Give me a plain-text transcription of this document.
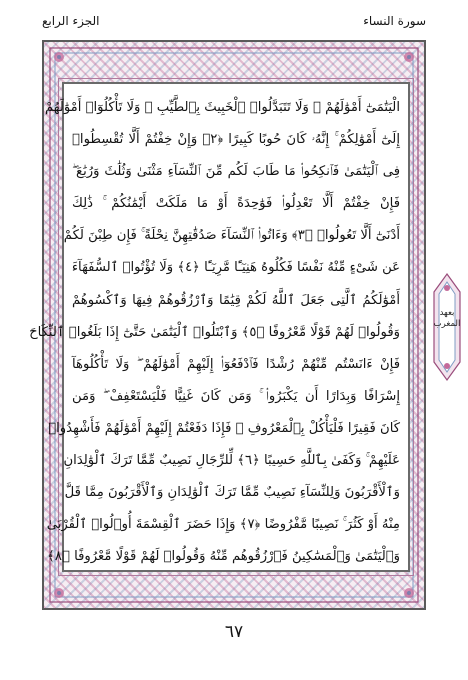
سورة النساء
الجزء الرابع
الْيَتَٰمَىٰٓ أَمْوَٰلَهُمْ ۖ وَلَا تَتَبَدَّلُوا۟ ٱلْخَبِيثَ بِٱلطَّيِّبِ ۖ وَلَا تَأْكُلُوٓا۟ أَمْوَٰلَهُمْ
إِلَىٰٓ أَمْوَٰلِكُمْ ۚ إِنَّهُۥ كَانَ حُوبًا كَبِيرًا ﴿٢﴾ وَإِنْ خِفْتُمْ أَلَّا تُقْسِطُوا۟
فِى ٱلْيَتَٰمَىٰ فَٱنكِحُوا۟ مَا طَابَ لَكُم مِّنَ ٱلنِّسَآءِ مَثْنَىٰ وَثُلَٰثَ وَرُبَٰعَ ۖ
فَإِنْ خِفْتُمْ أَلَّا تَعْدِلُوا۟ فَوَٰحِدَةً أَوْ مَا مَلَكَتْ أَيْمَٰنُكُمْ ۚ ذَٰلِكَ
أَدْنَىٰٓ أَلَّا تَعُولُوا۟ ﴿٣﴾ وَءَاتُوا۟ ٱلنِّسَآءَ صَدُقَٰتِهِنَّ نِحْلَةً ۚ فَإِن طِبْنَ لَكُمْ
عَن شَىْءٍ مِّنْهُ نَفْسًا فَكُلُوهُ هَنِيٓـًٔا مَّرِيٓـًٔا ﴿٤﴾ وَلَا تُؤْتُوا۟ ٱلسُّفَهَآءَ
أَمْوَٰلَكُمُ ٱلَّتِى جَعَلَ ٱللَّهُ لَكُمْ قِيَٰمًا وَٱرْزُقُوهُمْ فِيهَا وَٱكْسُوهُمْ
وَقُولُوا۟ لَهُمْ قَوْلًا مَّعْرُوفًا ﴿٥﴾ وَٱبْتَلُوا۟ ٱلْيَتَٰمَىٰ حَتَّىٰٓ إِذَا بَلَغُوا۟ ٱلنِّكَاحَ
فَإِنْ ءَانَسْتُم مِّنْهُمْ رُشْدًا فَٱدْفَعُوٓا۟ إِلَيْهِمْ أَمْوَٰلَهُمْ ۖ وَلَا تَأْكُلُوهَآ
إِسْرَافًا وَبِدَارًا أَن يَكْبَرُوا۟ ۚ وَمَن كَانَ غَنِيًّا فَلْيَسْتَعْفِفْ ۖ وَمَن
كَانَ فَقِيرًا فَلْيَأْكُلْ بِٱلْمَعْرُوفِ ۚ فَإِذَا دَفَعْتُمْ إِلَيْهِمْ أَمْوَٰلَهُمْ فَأَشْهِدُوا۟
عَلَيْهِمْ ۚ وَكَفَىٰ بِٱللَّهِ حَسِيبًا ﴿٦﴾ لِّلرِّجَالِ نَصِيبٌ مِّمَّا تَرَكَ ٱلْوَٰلِدَانِ
وَٱلْأَقْرَبُونَ وَلِلنِّسَآءِ نَصِيبٌ مِّمَّا تَرَكَ ٱلْوَٰلِدَانِ وَٱلْأَقْرَبُونَ مِمَّا قَلَّ
مِنْهُ أَوْ كَثُرَ ۚ نَصِيبًا مَّفْرُوضًا ﴿٧﴾ وَإِذَا حَضَرَ ٱلْقِسْمَةَ أُو۟لُوا۟ ٱلْقُرْبَىٰ
وَٱلْيَتَٰمَىٰ وَٱلْمَسَٰكِينُ فَٱرْزُقُوهُم مِّنْهُ وَقُولُوا۟ لَهُمْ قَوْلًا مَّعْرُوفًا ﴿٨﴾
بعهد المغرب
٦٧
